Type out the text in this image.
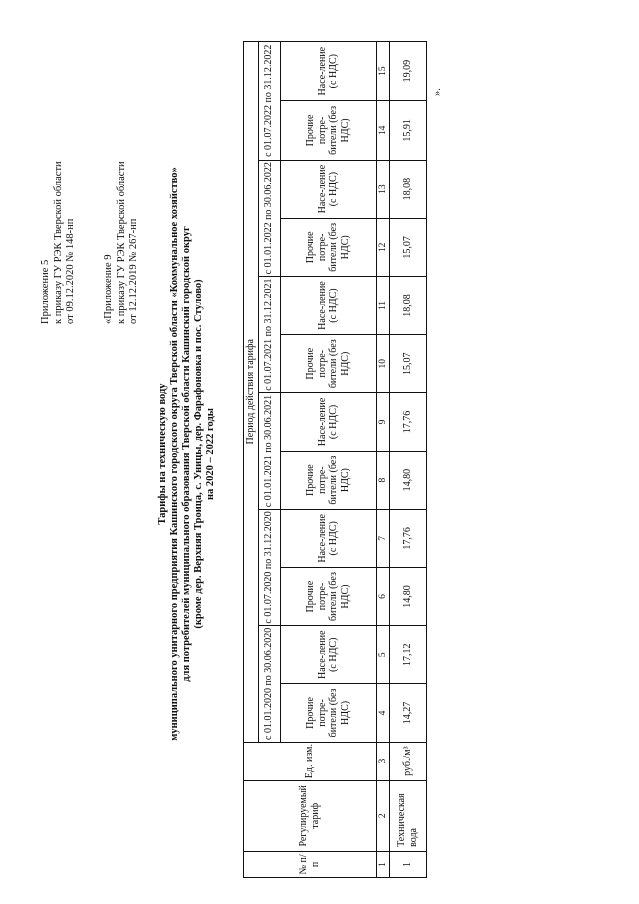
Приложение 5 к приказу ГУ РЭК Тверской области от 09.12.2020 № 148-нп	«Приложение 9 к приказу ГУ РЭК Тверской области от 12.12.2019 № 267-нп
Тарифы на техническую воду муниципального унитарного предприятия Кашинского городского округа Тверской области «Коммунальное хозяйство» для потребителей муниципального образования Тверской области Кашинский городской округ (кроме дер. Верхняя Троица, с. Уницы, дер. Фарафоновка и пос. Стулово) на 2020 – 2022 годы
№ п/п	Регулируемый тариф	Ед. изм.	Период действия тарифа											
			с 01.01.2020 по 30.06.2020		с 01.07.2020 по 31.12.2020		с 01.01.2021 по 30.06.2021		с 01.07.2021 по 31.12.2021		с 01.01.2022 по 30.06.2022		с 01.07.2022 по 31.12.2022	
			Прочие потре-бители (без НДС)	Насе-ление (с НДС)	Прочие потре-бители (без НДС)	Насе-ление (с НДС)	Прочие потре-бители (без НДС)	Насе-ление (с НДС)	Прочие потре-бители (без НДС)	Насе-ление (с НДС)	Прочие потре-бители (без НДС)	Насе-ление (с НДС)	Прочие потре-бители (без НДС)	Насе-ление (с НДС)
1	2	3	4	5	6	7	8	9	10	11	12	13	14	15
1	Техническая вода	руб./м³	14,27	17,12	14,80	17,76	14,80	17,76	15,07	18,08	15,07	18,08	15,91	19,09
».
